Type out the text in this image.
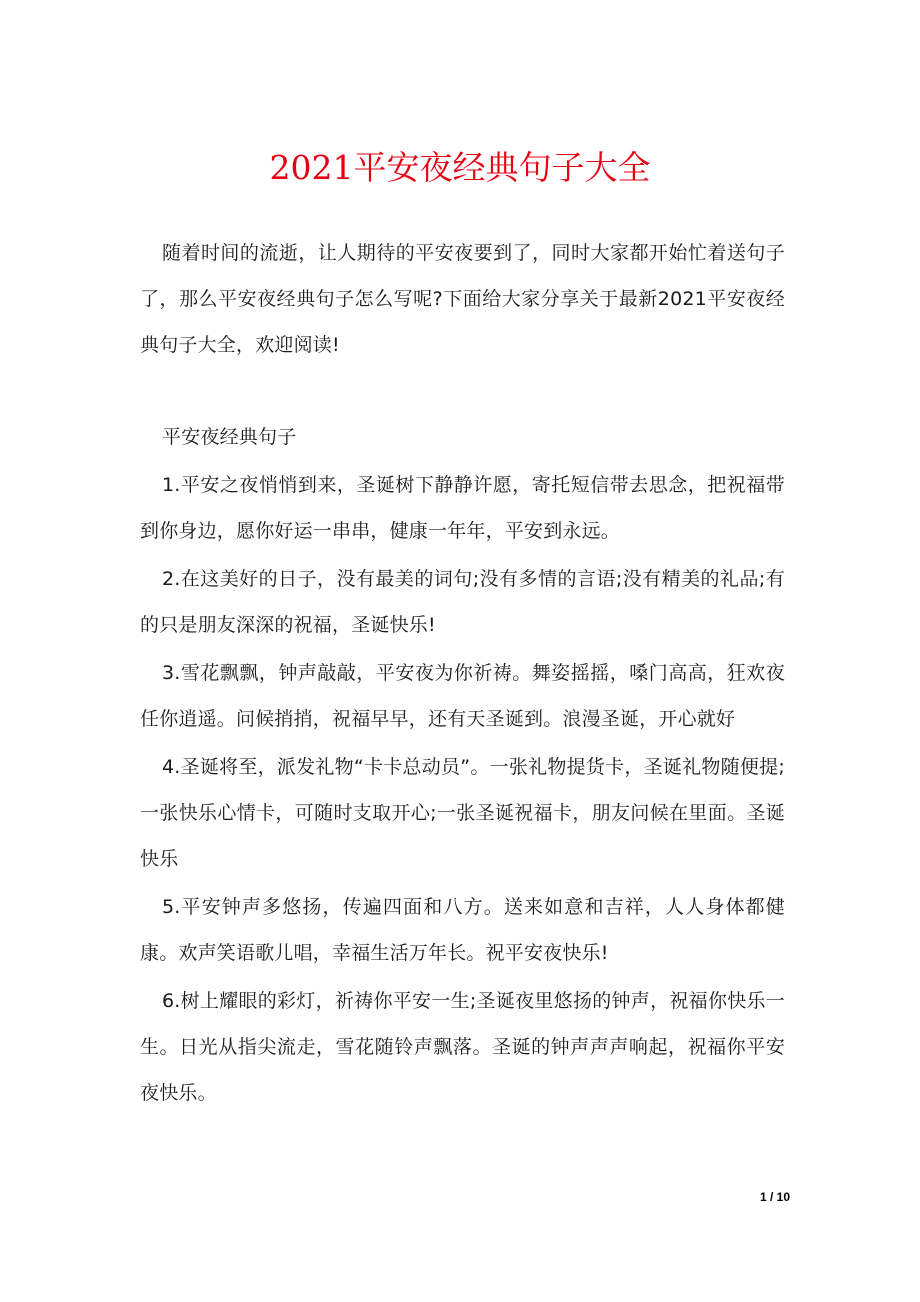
2021平安夜经典句子大全

随着时间的流逝，让人期待的平安夜要到了，同时大家都开始忙着送句子了，那么平安夜经典句子怎么写呢?下面给大家分享关于最新2021平安夜经典句子大全，欢迎阅读!

平安夜经典句子

1.平安之夜悄悄到来，圣诞树下静静许愿，寄托短信带去思念，把祝福带到你身边，愿你好运一串串，健康一年年，平安到永远。

2.在这美好的日子，没有最美的词句;没有多情的言语;没有精美的礼品;有的只是朋友深深的祝福，圣诞快乐!

3.雪花飘飘，钟声敲敲，平安夜为你祈祷。舞姿摇摇，嗓门高高，狂欢夜任你逍遥。问候捎捎，祝福早早，还有天圣诞到。浪漫圣诞，开心就好

4.圣诞将至，派发礼物“卡卡总动员”。一张礼物提货卡，圣诞礼物随便提;一张快乐心情卡，可随时支取开心;一张圣诞祝福卡，朋友问候在里面。圣诞快乐

5.平安钟声多悠扬，传遍四面和八方。送来如意和吉祥，人人身体都健康。欢声笑语歌儿唱，幸福生活万年长。祝平安夜快乐!

6.树上耀眼的彩灯，祈祷你平安一生;圣诞夜里悠扬的钟声，祝福你快乐一生。日光从指尖流走，雪花随铃声飘落。圣诞的钟声声声响起，祝福你平安夜快乐。

1 / 10
